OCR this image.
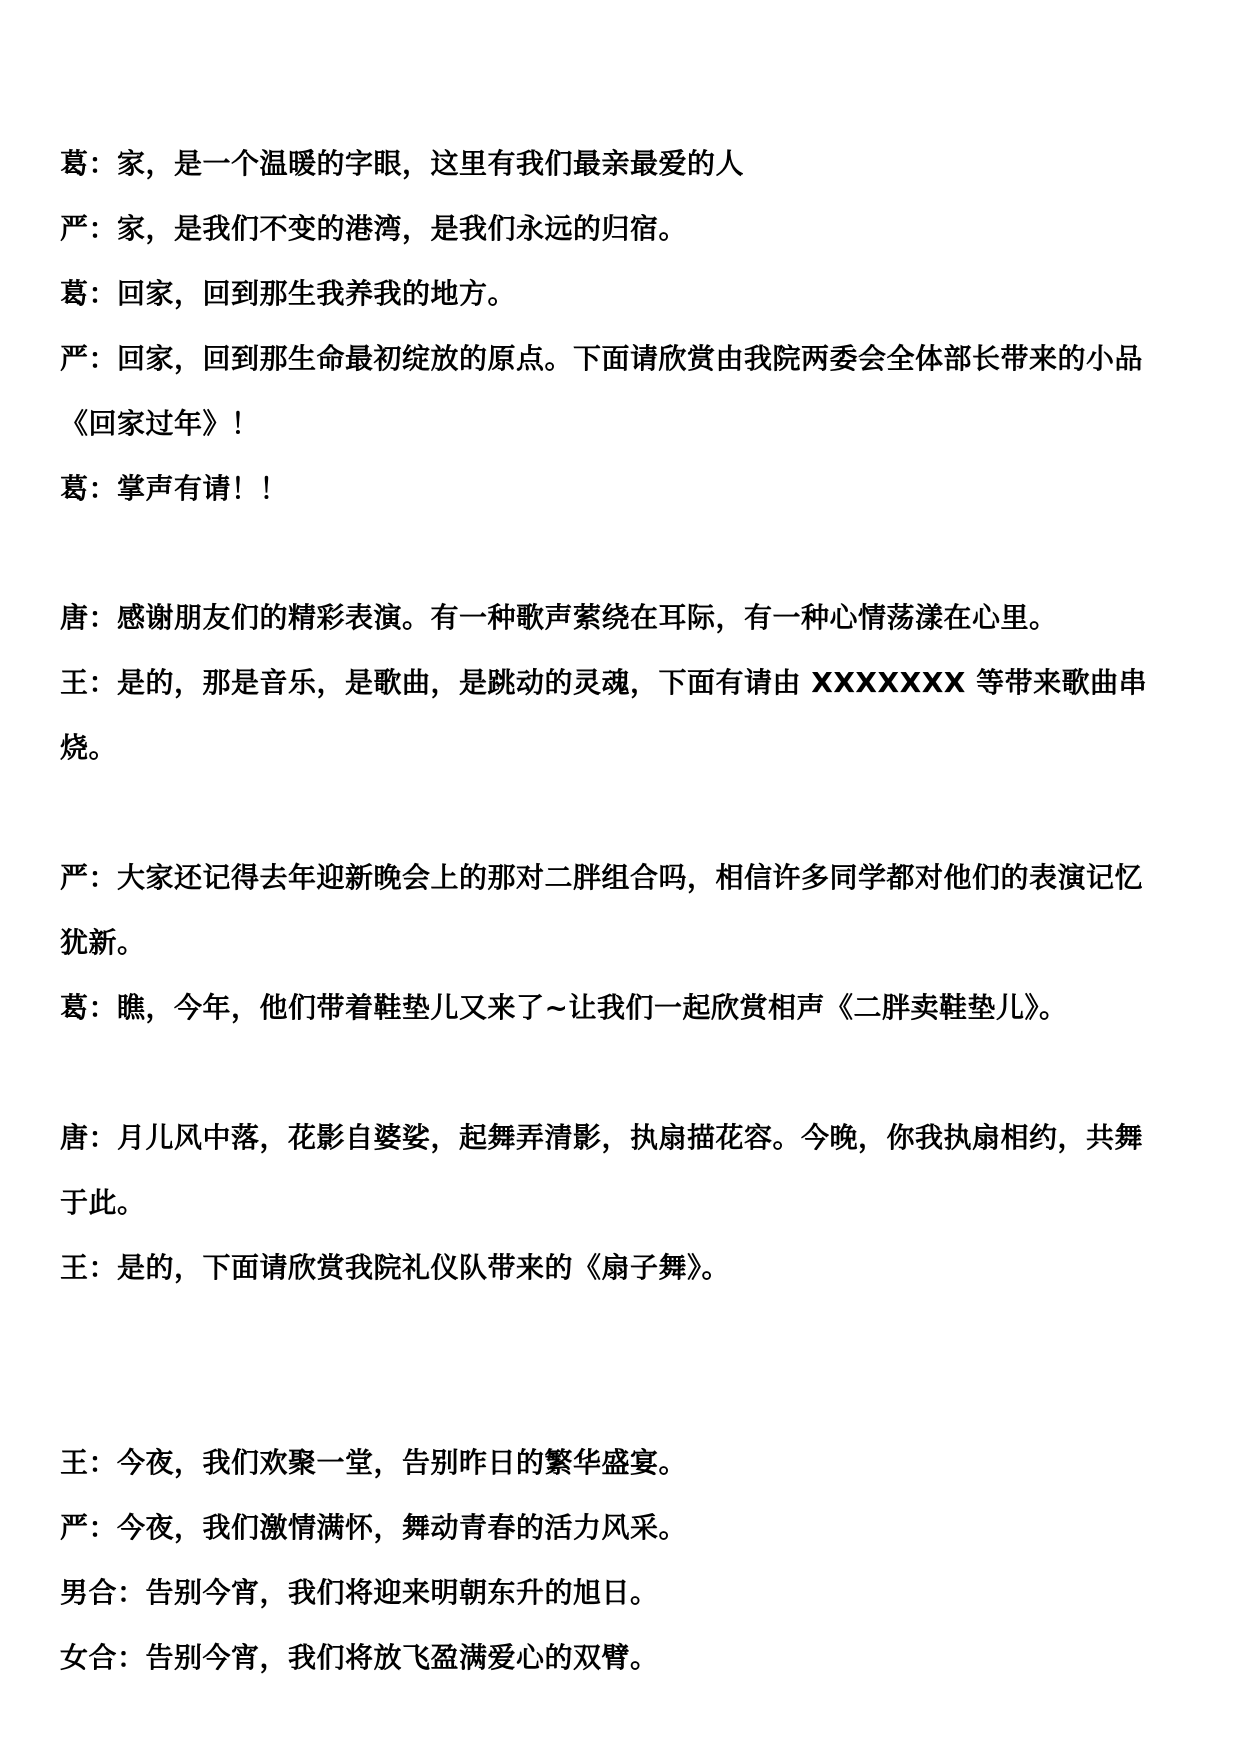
葛：家，是一个温暖的字眼，这里有我们最亲最爱的人
严：家，是我们不变的港湾，是我们永远的归宿。
葛：回家，回到那生我养我的地方。
严：回家，回到那生命最初绽放的原点。下面请欣赏由我院两委会全体部长带来的小品
《回家过年》！
葛：掌声有请！！
唐：感谢朋友们的精彩表演。有一种歌声萦绕在耳际，有一种心情荡漾在心里。
王：是的，那是音乐，是歌曲，是跳动的灵魂，下面有请由 XXXXXXX 等带来歌曲串
烧。
严：大家还记得去年迎新晚会上的那对二胖组合吗，相信许多同学都对他们的表演记忆
犹新。
葛：瞧，今年，他们带着鞋垫儿又来了~让我们一起欣赏相声《二胖卖鞋垫儿》。
唐：月儿风中落，花影自婆娑，起舞弄清影，执扇描花容。今晚，你我执扇相约，共舞
于此。
王：是的，下面请欣赏我院礼仪队带来的《扇子舞》。
王：今夜，我们欢聚一堂，告别昨日的繁华盛宴。
严：今夜，我们激情满怀，舞动青春的活力风采。
男合：告别今宵，我们将迎来明朝东升的旭日。
女合：告别今宵，我们将放飞盈满爱心的双臂。
